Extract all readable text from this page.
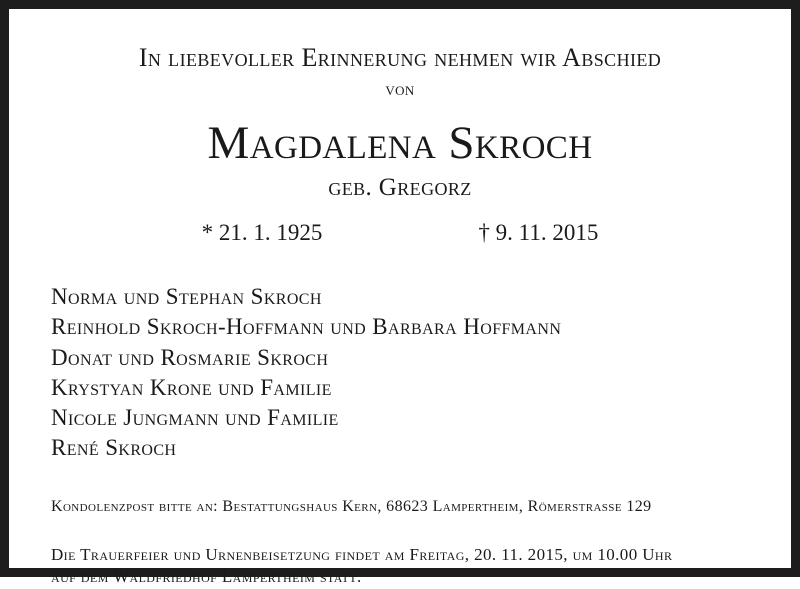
In liebevoller Erinnerung nehmen wir Abschied
von
Magdalena Skroch
geb. Gregorz
* 21. 1. 1925	† 9. 11. 2015
Norma und Stephan Skroch
Reinhold Skroch-Hoffmann und Barbara Hoffmann
Donat und Rosmarie Skroch
Krystyan Krone und Familie
Nicole Jungmann und Familie
René Skroch
Kondolenzpost bitte an: Bestattungshaus Kern, 68623 Lampertheim, Römerstrasse 129
Die Trauerfeier und Urnenbeisetzung findet am Freitag, 20. 11. 2015, um 10.00 Uhr
auf dem Waldfriedhof Lampertheim statt.
